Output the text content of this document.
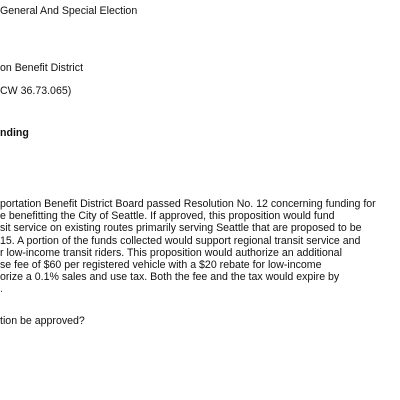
General And Special Election
on Benefit District
CW 36.73.065)
nding
portation Benefit District Board passed Resolution No. 12 concerning funding for
e benefitting the City of Seattle. If approved, this proposition would fund
sit service on existing routes primarily serving Seattle that are proposed to be
15. A portion of the funds collected would support regional transit service and
r low-income transit riders. This proposition would authorize an additional
se fee of $60 per registered vehicle with a $20 rebate for low-income
orize a 0.1% sales and use tax. Both the fee and the tax would expire by
.
tion be approved?
